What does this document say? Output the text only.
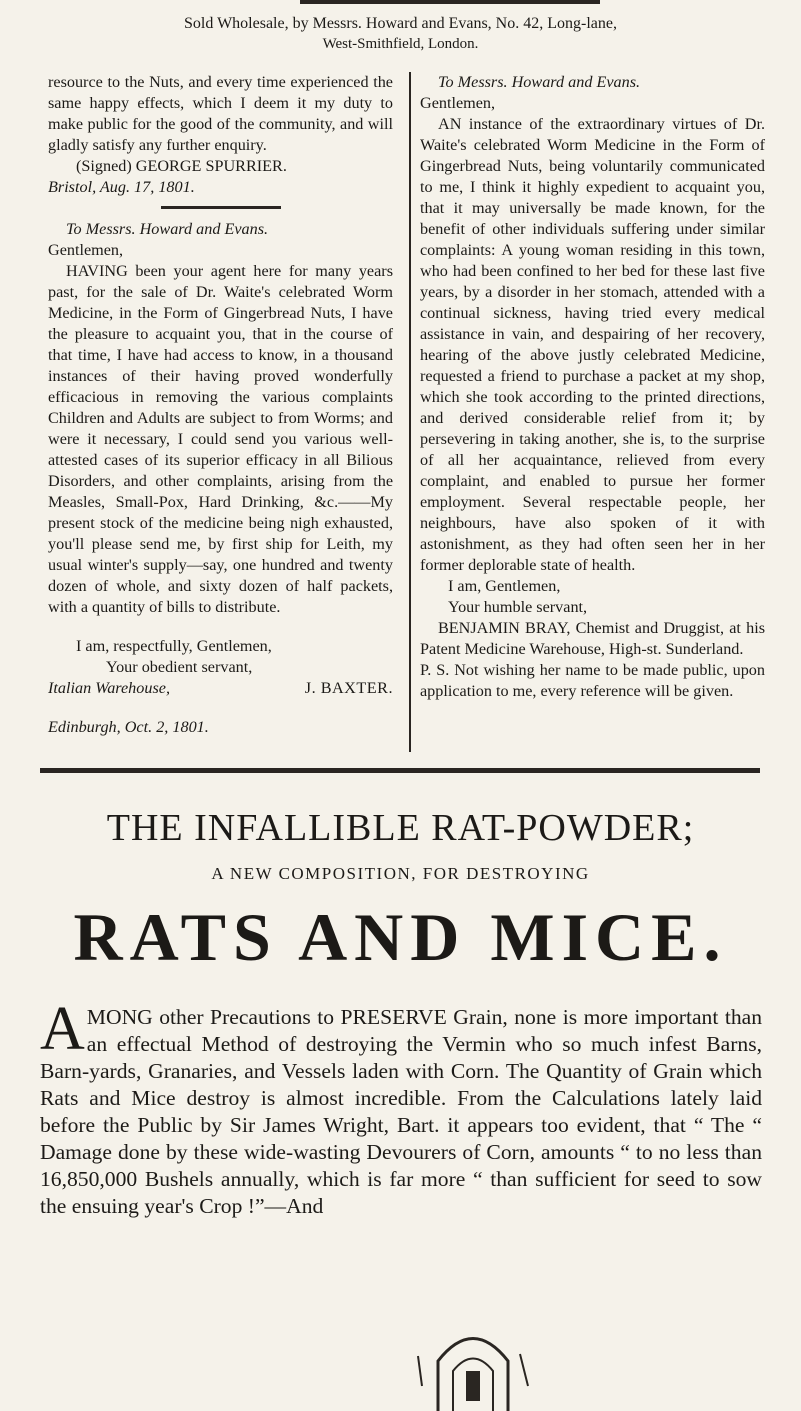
Sold Wholesale, by Messrs. Howard and Evans, No. 42, Long-lane,
West-Smithfield, London.

resource to the Nuts, and every time experienced the same happy effects, which I deem it my duty to make public for the good of the community, and will gladly satisfy any further enquiry.

(Signed) GEORGE SPURRIER.

Bristol, Aug. 17, 1801.

To Messrs. Howard and Evans.

Gentlemen,

HAVING been your agent here for many years past, for the sale of Dr. Waite's celebrated Worm Medicine, in the Form of Gingerbread Nuts, I have the pleasure to acquaint you, that in the course of that time, I have had access to know, in a thousand instances of their having proved wonderfully efficacious in removing the various complaints Children and Adults are subject to from Worms; and were it necessary, I could send you various well-attested cases of its superior efficacy in all Bilious Disorders, and other complaints, arising from the Measles, Small-Pox, Hard Drinking, &c.——My present stock of the medicine being nigh exhausted, you'll please send me, by first ship for Leith, my usual winter's supply—say, one hundred and twenty dozen of whole, and sixty dozen of half packets, with a quantity of bills to distribute.

I am, respectfully, Gentlemen,

Your obedient servant,

Italian Warehouse,	J. BAXTER.

Edinburgh, Oct. 2, 1801.

To Messrs. Howard and Evans.

Gentlemen,

AN instance of the extraordinary virtues of Dr. Waite's celebrated Worm Medicine in the Form of Gingerbread Nuts, being voluntarily communicated to me, I think it highly expedient to acquaint you, that it may universally be made known, for the benefit of other individuals suffering under similar complaints: A young woman residing in this town, who had been confined to her bed for these last five years, by a disorder in her stomach, attended with a continual sickness, having tried every medical assistance in vain, and despairing of her recovery, hearing of the above justly celebrated Medicine, requested a friend to purchase a packet at my shop, which she took according to the printed directions, and derived considerable relief from it; by persevering in taking another, she is, to the surprise of all her acquaintance, relieved from every complaint, and enabled to pursue her former employment. Several respectable people, her neighbours, have also spoken of it with astonishment, as they had often seen her in her former deplorable state of health.

I am, Gentlemen,

Your humble servant,

BENJAMIN BRAY, Chemist and Druggist, at his Patent Medicine Warehouse, High-st. Sunderland.

P. S. Not wishing her name to be made public, upon application to me, every reference will be given.

THE INFALLIBLE RAT-POWDER;
A NEW COMPOSITION, FOR DESTROYING
RATS AND MICE.
A MONG other Precautions to PRESERVE Grain, none is more important than an effectual Method of destroying the Vermin who so much infest Barns, Barn-yards, Granaries, and Vessels laden with Corn. The Quantity of Grain which Rats and Mice destroy is almost incredible. From the Calculations lately laid before the Public by Sir James Wright, Bart. it appears too evident, that “ The “ Damage done by these wide-wasting Devourers of Corn, amounts “ to no less than 16,850,000 Bushels annually, which is far more “ than sufficient for seed to sow the ensuing year's Crop !”—And
